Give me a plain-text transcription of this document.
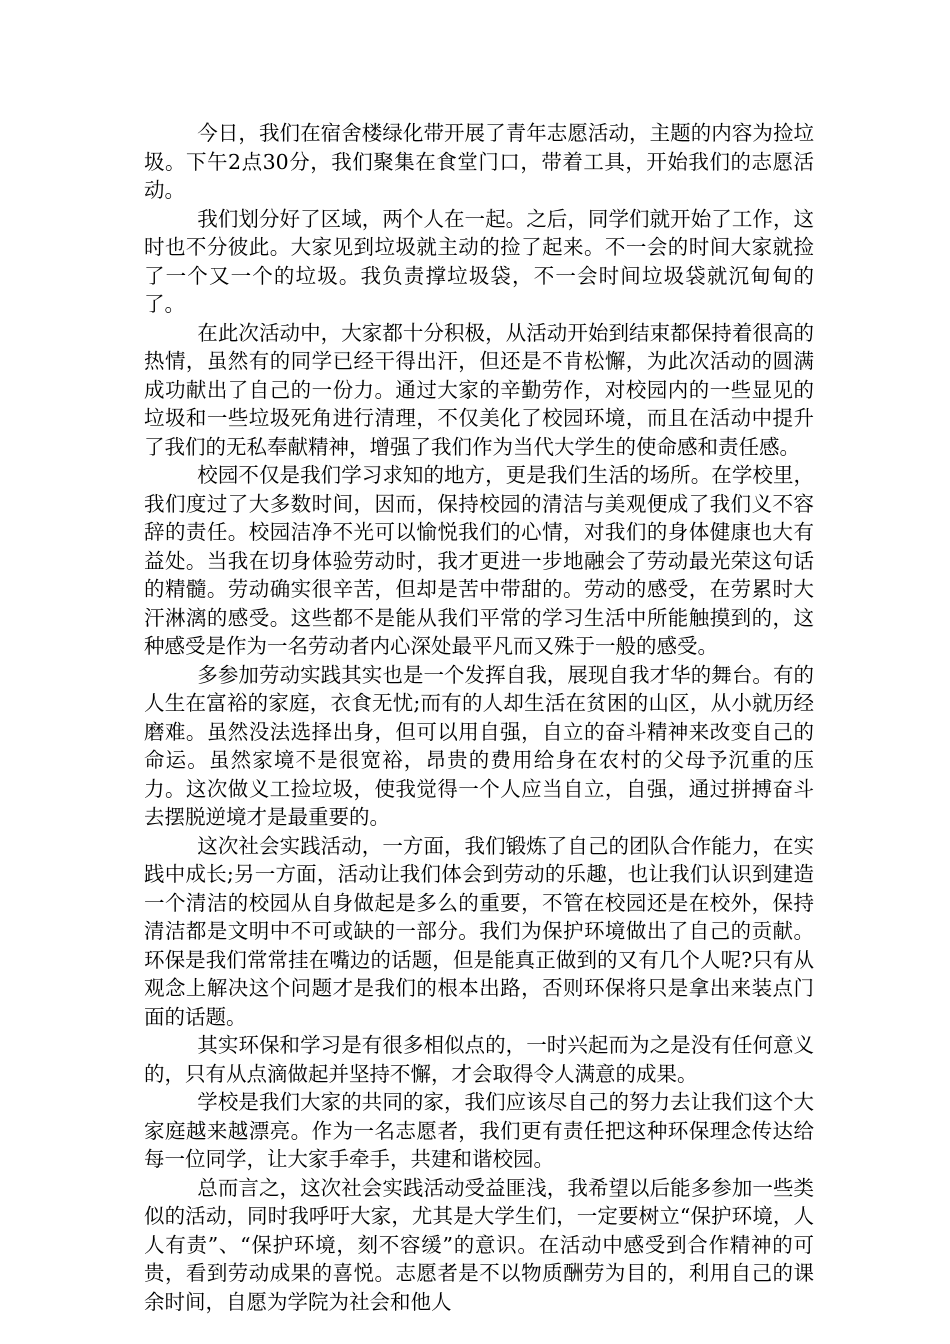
今日，我们在宿舍楼绿化带开展了青年志愿活动，主题的内容为捡垃圾。下午2点30分，我们聚集在食堂门口，带着工具，开始我们的志愿活动。

我们划分好了区域，两个人在一起。之后，同学们就开始了工作，这时也不分彼此。大家见到垃圾就主动的捡了起来。不一会的时间大家就捡了一个又一个的垃圾。我负责撑垃圾袋，不一会时间垃圾袋就沉甸甸的了。

在此次活动中，大家都十分积极，从活动开始到结束都保持着很高的热情，虽然有的同学已经干得出汗，但还是不肯松懈，为此次活动的圆满成功献出了自己的一份力。通过大家的辛勤劳作，对校园内的一些显见的垃圾和一些垃圾死角进行清理，不仅美化了校园环境，而且在活动中提升了我们的无私奉献精神，增强了我们作为当代大学生的使命感和责任感。

校园不仅是我们学习求知的地方，更是我们生活的场所。在学校里，我们度过了大多数时间，因而，保持校园的清洁与美观便成了我们义不容辞的责任。校园洁净不光可以愉悦我们的心情，对我们的身体健康也大有益处。当我在切身体验劳动时，我才更进一步地融会了劳动最光荣这句话的精髓。劳动确实很辛苦，但却是苦中带甜的。劳动的感受，在劳累时大汗淋漓的感受。这些都不是能从我们平常的学习生活中所能触摸到的，这种感受是作为一名劳动者内心深处最平凡而又殊于一般的感受。

多参加劳动实践其实也是一个发挥自我，展现自我才华的舞台。有的人生在富裕的家庭，衣食无忧;而有的人却生活在贫困的山区，从小就历经磨难。虽然没法选择出身，但可以用自强，自立的奋斗精神来改变自己的命运。虽然家境不是很宽裕，昂贵的费用给身在农村的父母予沉重的压力。这次做义工捡垃圾，使我觉得一个人应当自立，自强，通过拼搏奋斗去摆脱逆境才是最重要的。

这次社会实践活动，一方面，我们锻炼了自己的团队合作能力，在实践中成长;另一方面，活动让我们体会到劳动的乐趣，也让我们认识到建造一个清洁的校园从自身做起是多么的重要，不管在校园还是在校外，保持清洁都是文明中不可或缺的一部分。我们为保护环境做出了自己的贡献。环保是我们常常挂在嘴边的话题，但是能真正做到的又有几个人呢?只有从观念上解决这个问题才是我们的根本出路，否则环保将只是拿出来装点门面的话题。

其实环保和学习是有很多相似点的，一时兴起而为之是没有任何意义的，只有从点滴做起并坚持不懈，才会取得令人满意的成果。

学校是我们大家的共同的家，我们应该尽自己的努力去让我们这个大家庭越来越漂亮。作为一名志愿者，我们更有责任把这种环保理念传达给每一位同学，让大家手牵手，共建和谐校园。

总而言之，这次社会实践活动受益匪浅，我希望以后能多参加一些类似的活动，同时我呼吁大家，尤其是大学生们，一定要树立“保护环境，人人有责”、“保护环境，刻不容缓”的意识。在活动中感受到合作精神的可贵，看到劳动成果的喜悦。志愿者是不以物质酬劳为目的，利用自己的课余时间，自愿为学院为社会和他人
